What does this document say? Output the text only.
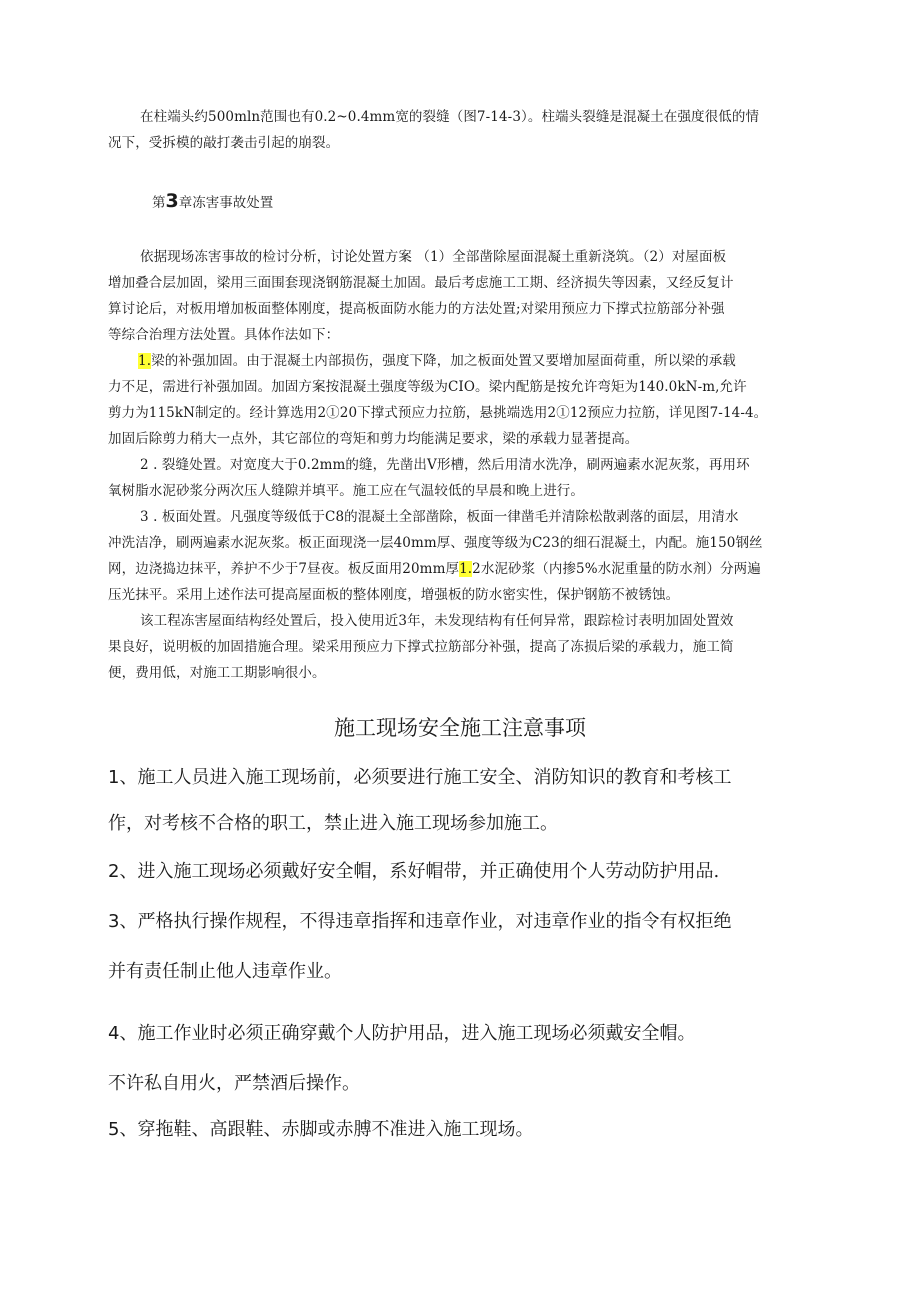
在柱端头约500mln范围也有0.2~0.4mm宽的裂缝（图7-14-3）。柱端头裂缝是混凝土在强度很低的情
况下，受拆模的敲打袭击引起的崩裂。
第3章冻害事故处置
依据现场冻害事故的检讨分析，讨论处置方案 （1）全部凿除屋面混凝土重新浇筑。（2）对屋面板
增加叠合层加固，梁用三面围套现浇钢筋混凝土加固。最后考虑施工工期、经济损失等因素，又经反复计
算讨论后，对板用增加板面整体刚度，提高板面防水能力的方法处置;对梁用预应力下撑式拉筋部分补强
等综合治理方法处置。具体作法如下：
1.梁的补强加固。由于混凝土内部损伤，强度下降，加之板面处置又要增加屋面荷重，所以梁的承载
力不足，需进行补强加固。加固方案按混凝土强度等级为CIO。梁内配筋是按允许弯矩为140.0kN-m,允许
剪力为115kN制定的。经计算选用2①20下撑式预应力拉筋，悬挑端选用2①12预应力拉筋，详见图7-14-4。
加固后除剪力稍大一点外，其它部位的弯矩和剪力均能满足要求，梁的承载力显著提高。
2 . 裂缝处置。对宽度大于0.2mm的缝，先凿出V形槽，然后用清水洗净，刷两遍素水泥灰浆，再用环
氧树脂水泥砂浆分两次压人缝隙并填平。施工应在气温较低的早晨和晚上进行。
3 . 板面处置。凡强度等级低于C8的混凝土全部凿除，板面一律凿毛并清除松散剥落的面层，用清水
冲洗洁净，刷两遍素水泥灰浆。板正面现浇一层40mm厚、强度等级为C23的细石混凝土，内配。施150钢丝
网，边浇捣边抹平，养护不少于7昼夜。板反面用20mm厚1.2水泥砂浆（内掺5%水泥重量的防水剂）分两遍
压光抹平。采用上述作法可提高屋面板的整体刚度，增强板的防水密实性，保护钢筋不被锈蚀。
该工程冻害屋面结构经处置后，投入使用近3年，未发现结构有任何异常，跟踪检讨表明加固处置效
果良好，说明板的加固措施合理。梁采用预应力下撑式拉筋部分补强，提高了冻损后梁的承载力，施工简
便，费用低，对施工工期影响很小。
施工现场安全施工注意事项
1、施工人员进入施工现场前，必须要进行施工安全、消防知识的教育和考核工
作，对考核不合格的职工，禁止进入施工现场参加施工。
2、进入施工现场必须戴好安全帽，系好帽带，并正确使用个人劳动防护用品.
3、严格执行操作规程，不得违章指挥和违章作业，对违章作业的指令有权拒绝
并有责任制止他人违章作业。
4、施工作业时必须正确穿戴个人防护用品，进入施工现场必须戴安全帽。
不许私自用火，严禁酒后操作。
5、穿拖鞋、高跟鞋、赤脚或赤膊不准进入施工现场。
